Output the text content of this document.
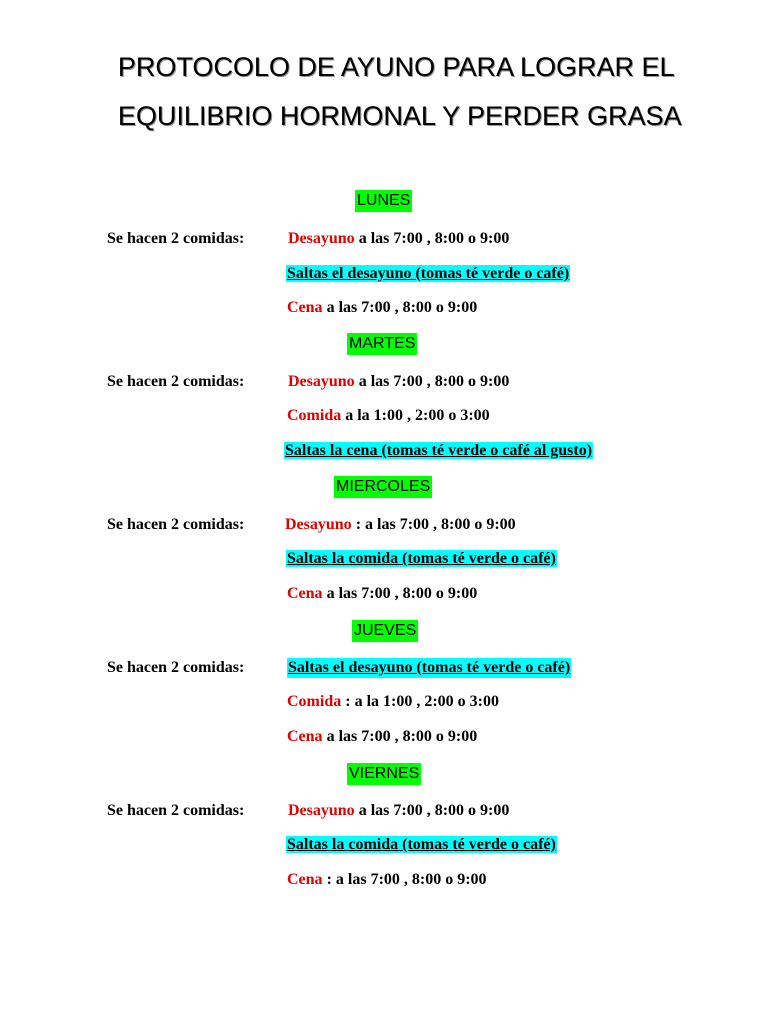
PROTOCOLO DE AYUNO PARA LOGRAR EL
EQUILIBRIO HORMONAL Y PERDER GRASA
LUNES
Se hacen 2 comidas:	Desayuno a las 7:00 , 8:00 o 9:00
Saltas el desayuno (tomas té verde o café)
Cena a las 7:00 , 8:00 o 9:00
MARTES
Se hacen 2 comidas:	Desayuno a las 7:00 , 8:00 o 9:00
Comida a la 1:00 , 2:00 o 3:00
Saltas la cena (tomas té verde o café al gusto)
MIERCOLES
Se hacen 2 comidas:	Desayuno : a las 7:00 , 8:00 o 9:00
Saltas la comida (tomas té verde o café)
Cena a las 7:00 , 8:00 o 9:00
JUEVES
Se hacen 2 comidas:	Saltas el desayuno (tomas té verde o café)
Comida : a la 1:00 , 2:00 o 3:00
Cena a las 7:00 , 8:00 o 9:00
VIERNES
Se hacen 2 comidas:	Desayuno a las 7:00 , 8:00 o 9:00
Saltas la comida (tomas té verde o café)
Cena : a las 7:00 , 8:00 o 9:00
